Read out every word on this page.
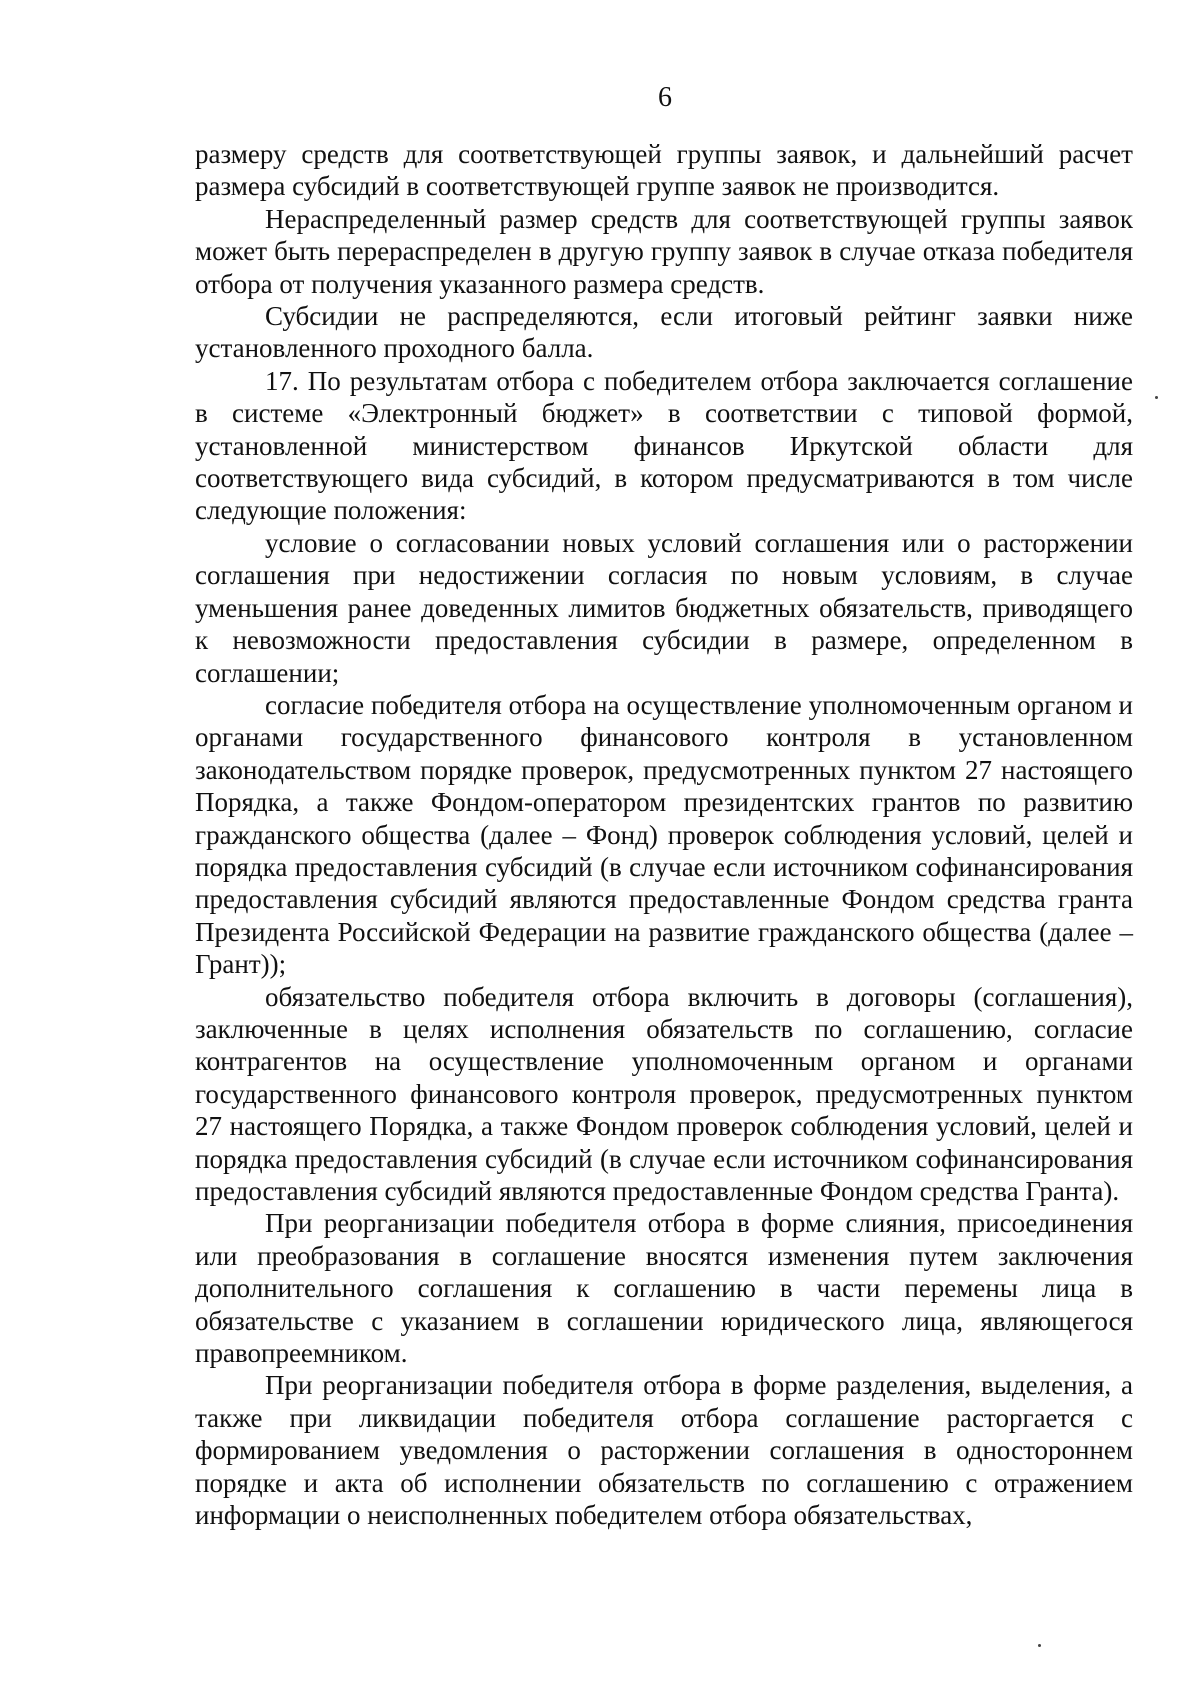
6

размеру средств для соответствующей группы заявок, и дальнейший расчет размера субсидий в соответствующей группе заявок не производится.

Нераспределенный размер средств для соответствующей группы заявок может быть перераспределен в другую группу заявок в случае отказа победителя отбора от получения указанного размера средств.

Субсидии не распределяются, если итоговый рейтинг заявки ниже установленного проходного балла.

17. По результатам отбора с победителем отбора заключается соглашение в системе «Электронный бюджет» в соответствии с типовой формой, установленной министерством финансов Иркутской области для соответствующего вида субсидий, в котором предусматриваются в том числе следующие положения:

условие о согласовании новых условий соглашения или о расторжении соглашения при недостижении согласия по новым условиям, в случае уменьшения ранее доведенных лимитов бюджетных обязательств, приводящего к невозможности предоставления субсидии в размере, определенном в соглашении;

согласие победителя отбора на осуществление уполномоченным органом и органами государственного финансового контроля в установленном законодательством порядке проверок, предусмотренных пунктом 27 настоящего Порядка, а также Фондом-оператором президентских грантов по развитию гражданского общества (далее – Фонд) проверок соблюдения условий, целей и порядка предоставления субсидий (в случае если источником софинансирования предоставления субсидий являются предоставленные Фондом средства гранта Президента Российской Федерации на развитие гражданского общества (далее – Грант));

обязательство победителя отбора включить в договоры (соглашения), заключенные в целях исполнения обязательств по соглашению, согласие контрагентов на осуществление уполномоченным органом и органами государственного финансового контроля проверок, предусмотренных пунктом 27 настоящего Порядка, а также Фондом проверок соблюдения условий, целей и порядка предоставления субсидий (в случае если источником софинансирования предоставления субсидий являются предоставленные Фондом средства Гранта).

При реорганизации победителя отбора в форме слияния, присоединения или преобразования в соглашение вносятся изменения путем заключения дополнительного соглашения к соглашению в части перемены лица в обязательстве с указанием в соглашении юридического лица, являющегося правопреемником.

При реорганизации победителя отбора в форме разделения, выделения, а также при ликвидации победителя отбора соглашение расторгается с формированием уведомления о расторжении соглашения в одностороннем порядке и акта об исполнении обязательств по соглашению с отражением информации о неисполненных победителем отбора обязательствах,
